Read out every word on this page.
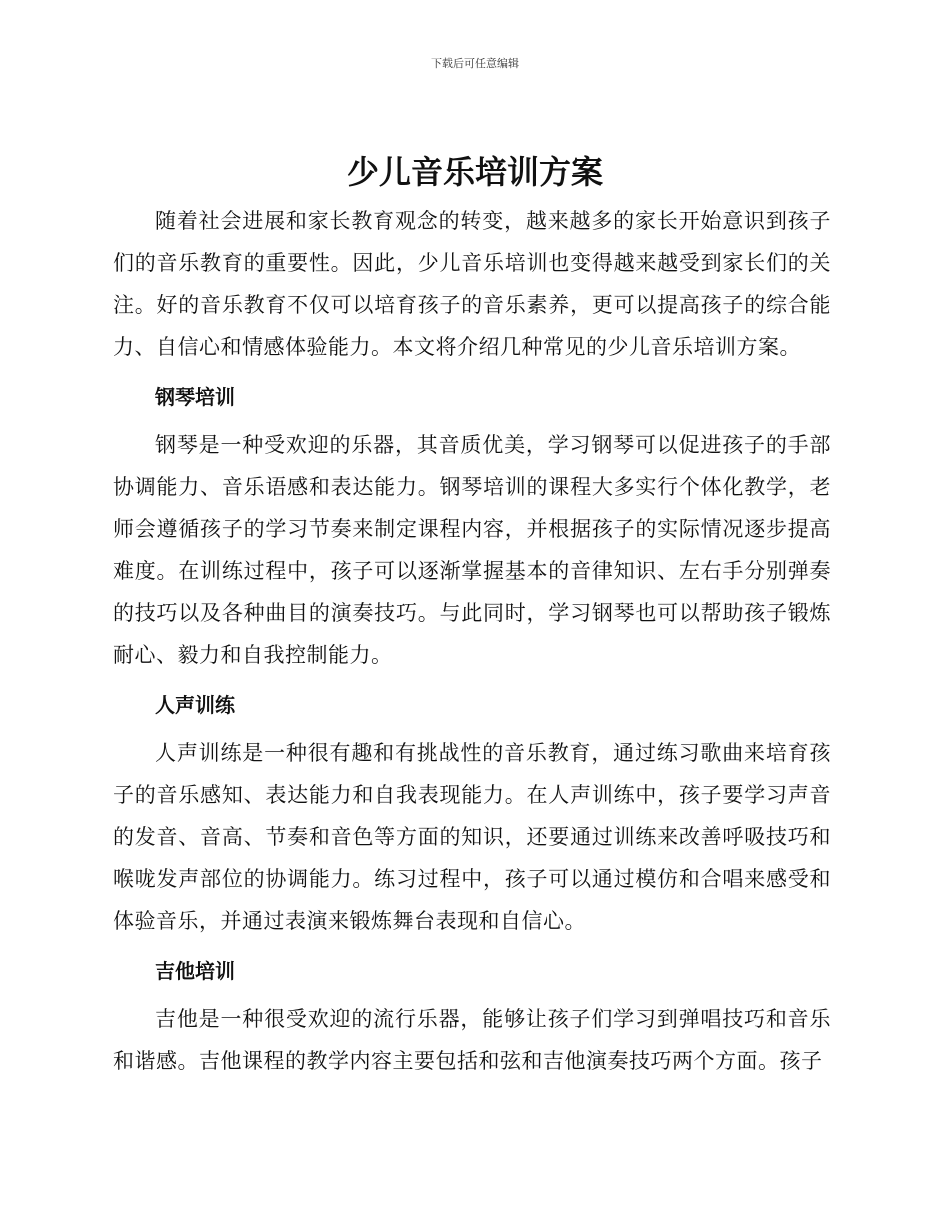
下载后可任意编辑
少儿音乐培训方案

随着社会进展和家长教育观念的转变，越来越多的家长开始意识到孩子们的音乐教育的重要性。因此，少儿音乐培训也变得越来越受到家长们的关注。好的音乐教育不仅可以培育孩子的音乐素养，更可以提高孩子的综合能力、自信心和情感体验能力。本文将介绍几种常见的少儿音乐培训方案。

钢琴培训

钢琴是一种受欢迎的乐器，其音质优美，学习钢琴可以促进孩子的手部协调能力、音乐语感和表达能力。钢琴培训的课程大多实行个体化教学，老师会遵循孩子的学习节奏来制定课程内容，并根据孩子的实际情况逐步提高难度。在训练过程中，孩子可以逐渐掌握基本的音律知识、左右手分别弹奏的技巧以及各种曲目的演奏技巧。与此同时，学习钢琴也可以帮助孩子锻炼耐心、毅力和自我控制能力。

人声训练

人声训练是一种很有趣和有挑战性的音乐教育，通过练习歌曲来培育孩子的音乐感知、表达能力和自我表现能力。在人声训练中，孩子要学习声音的发音、音高、节奏和音色等方面的知识，还要通过训练来改善呼吸技巧和喉咙发声部位的协调能力。练习过程中，孩子可以通过模仿和合唱来感受和体验音乐，并通过表演来锻炼舞台表现和自信心。

吉他培训

吉他是一种很受欢迎的流行乐器，能够让孩子们学习到弹唱技巧和音乐和谐感。吉他课程的教学内容主要包括和弦和吉他演奏技巧两个方面。孩子
